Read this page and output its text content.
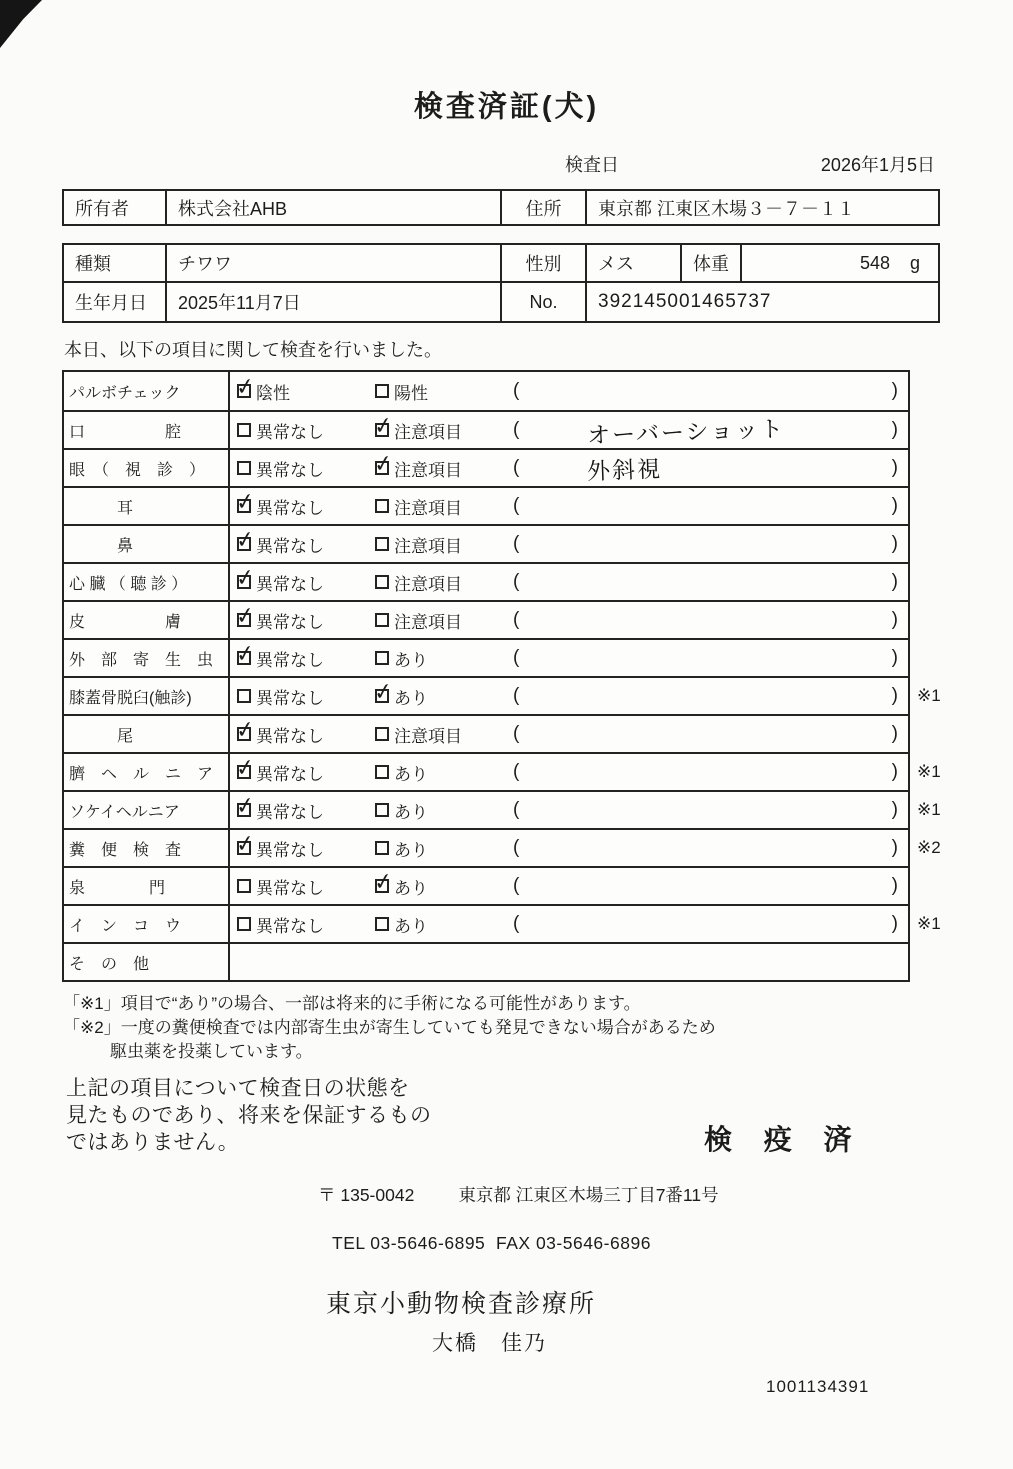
検査済証(犬)
検査日	2026年1月5日
所有者	株式会社AHB	住所	東京都 江東区木場３－７－１１
種類	チワワ	性別	メス	体重	548 g
生年月日	2025年11月7日	No.	392145001465737

本日、以下の項目に関して検査を行いました。

パルボチェック ✓	陰性	陽性	(	)
口　　　　　腔	異常なし ✓	注意項目	(	オーバーショット	)
眼　（　視　診　）	異常なし ✓	注意項目	(	外斜視	)
　　　耳 ✓	異常なし	注意項目	(	)
　　　鼻 ✓	異常なし	注意項目	(	)
心 臓 （ 聴 診 ） ✓	異常なし	注意項目	(	)
皮　　　　　膚 ✓	異常なし	注意項目	(	)
外　部　寄　生　虫 ✓	異常なし	あり	(	)
膝蓋骨脱臼(触診)	異常なし ✓	あり	(	)	※1
　　　尾 ✓	異常なし	注意項目	(	)
臍　ヘ　ル　ニ　ア ✓	異常なし	あり	(	)	※1
ソケイヘルニア ✓	異常なし	あり	(	)	※1
糞　便　検　査 ✓	異常なし	あり	(	)	※2
泉　　　　門	異常なし ✓	あり	(	)
イ　ン　コ　ウ	異常なし	あり	(	)	※1
そ　の　他
「※1」項目で“あり”の場合、一部は将来的に手術になる可能性があります。
「※2」一度の糞便検査では内部寄生虫が寄生していても発見できない場合があるため
駆虫薬を投薬しています。
上記の項目について検査日の状態を
見たものであり、将来を保証するもの
ではありません。	検 疫 済
〒 135-0042	東京都 江東区木場三丁目7番11号
TEL 03-5646-6895  FAX 03-5646-6896
東京小動物検査診療所
大橋　佳乃
1001134391
